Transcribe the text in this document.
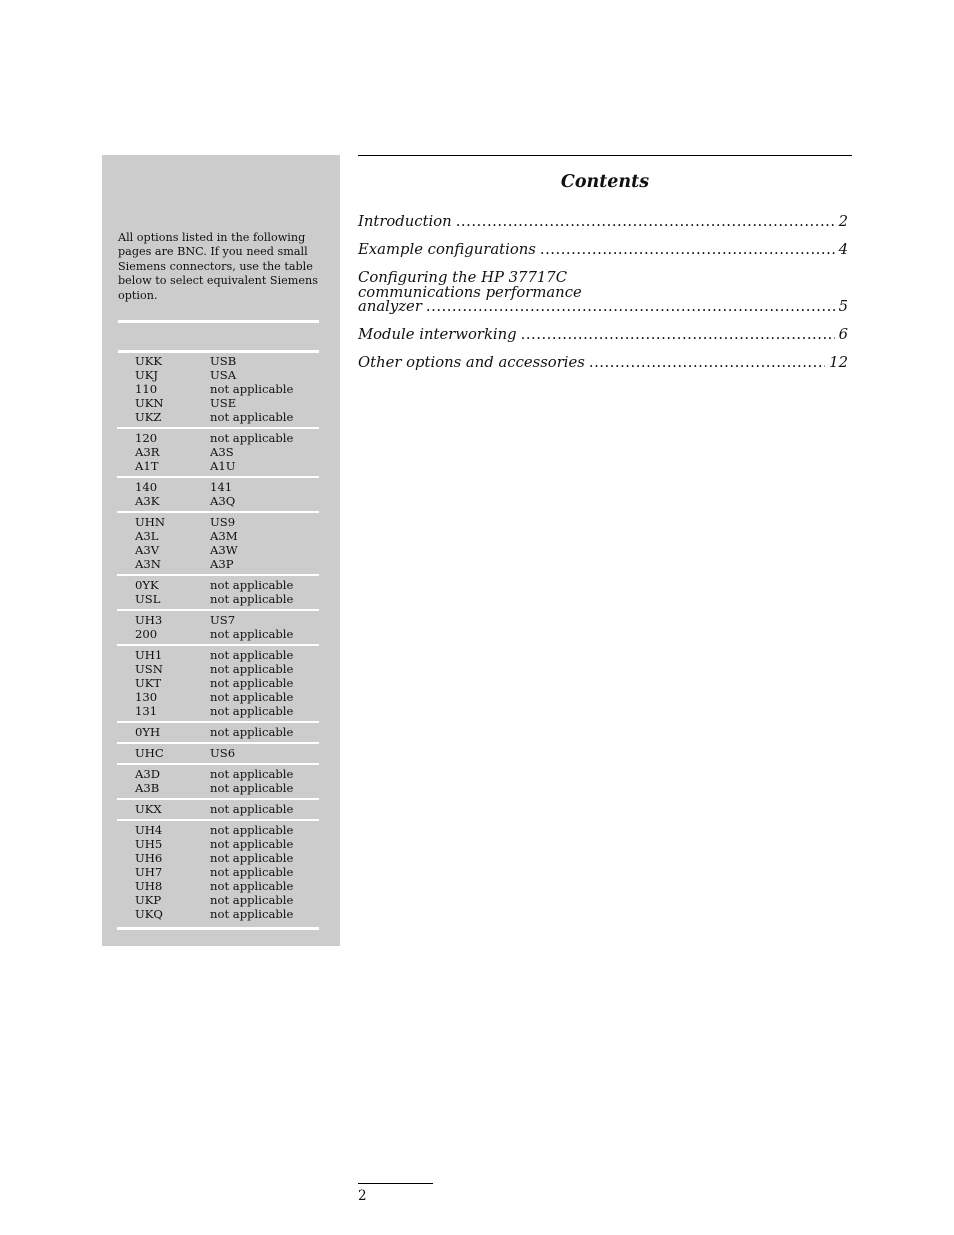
All options listed in the following pages are BNC. If you need small Siemens connectors, use the table below to select equivalent Siemens option.

UKK	USB
UKJ	USA
110	not applicable
UKN	USE
UKZ	not applicable
120	not applicable
A3R	A3S
A1T	A1U
140	141
A3K	A3Q
UHN	US9
A3L	A3M
A3V	A3W
A3N	A3P
0YK	not applicable
USL	not applicable
UH3	US7
200	not applicable
UH1	not applicable
USN	not applicable
UKT	not applicable
130	not applicable
131	not applicable
0YH	not applicable
UHC	US6
A3D	not applicable
A3B	not applicable
UKX	not applicable
UH4	not applicable
UH5	not applicable
UH6	not applicable
UH7	not applicable
UH8	not applicable
UKP	not applicable
UKQ	not applicable
Contents
Introduction .....	2
Example configurations .....	4
Configuring the HP 37717C
communications performance
analyzer .....	5
Module interworking .....	6
Other options and accessories .....	12
2
